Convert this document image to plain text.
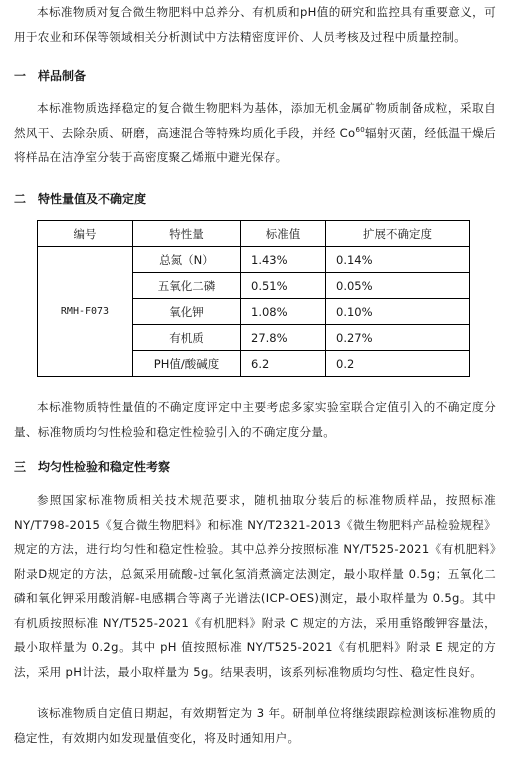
本标准物质对复合微生物肥料中总养分、有机质和pH值的研究和监控具有重要意义，可用于农业和环保等领域相关分析测试中方法精密度评价、人员考核及过程中质量控制。

一 样品制备

本标准物质选择稳定的复合微生物肥料为基体，添加无机金属矿物质制备成粒，采取自然风干、去除杂质、研磨，高速混合等特殊均质化手段，并经 Co$^{60}$辐射灭菌，经低温干燥后将样品在洁净室分装于高密度聚乙烯瓶中避光保存。

二 特性量值及不确定度
编号	特性量	标准值	扩展不确定度
RMH-F073	总氮（N）	1.43%	0.14%
	五氧化二磷	0.51%	0.05%
	氧化钾	1.08%	0.10%
	有机质	27.8%	0.27%
	PH值/酸碱度	6.2	0.2

本标准物质特性量值的不确定度评定中主要考虑多家实验室联合定值引入的不确定度分量、标准物质均匀性检验和稳定性检验引入的不确定度分量。

三 均匀性检验和稳定性考察

参照国家标准物质相关技术规范要求，随机抽取分装后的标准物质样品，按照标准NY/T798-2015《复合微生物肥料》和标准 NY/T2321-2013《微生物肥料产品检验规程》规定的方法，进行均匀性和稳定性检验。其中总养分按照标准 NY/T525-2021《有机肥料》附录D规定的方法，总氮采用硫酸-过氧化氢消煮滴定法测定，最小取样量 0.5g；五氧化二磷和氧化钾采用酸消解-电感耦合等离子光谱法(ICP-OES)测定，最小取样量为 0.5g。其中有机质按照标准 NY/T525-2021《有机肥料》附录 C 规定的方法，采用重铬酸钾容量法，最小取样量为 0.2g。其中 pH 值按照标准 NY/T525-2021《有机肥料》附录 E 规定的方法，采用 pH计法，最小取样量为 5g。结果表明，该系列标准物质均匀性、稳定性良好。

该标准物质自定值日期起，有效期暂定为 3 年。研制单位将继续跟踪检测该标准物质的稳定性，有效期内如发现量值变化，将及时通知用户。
